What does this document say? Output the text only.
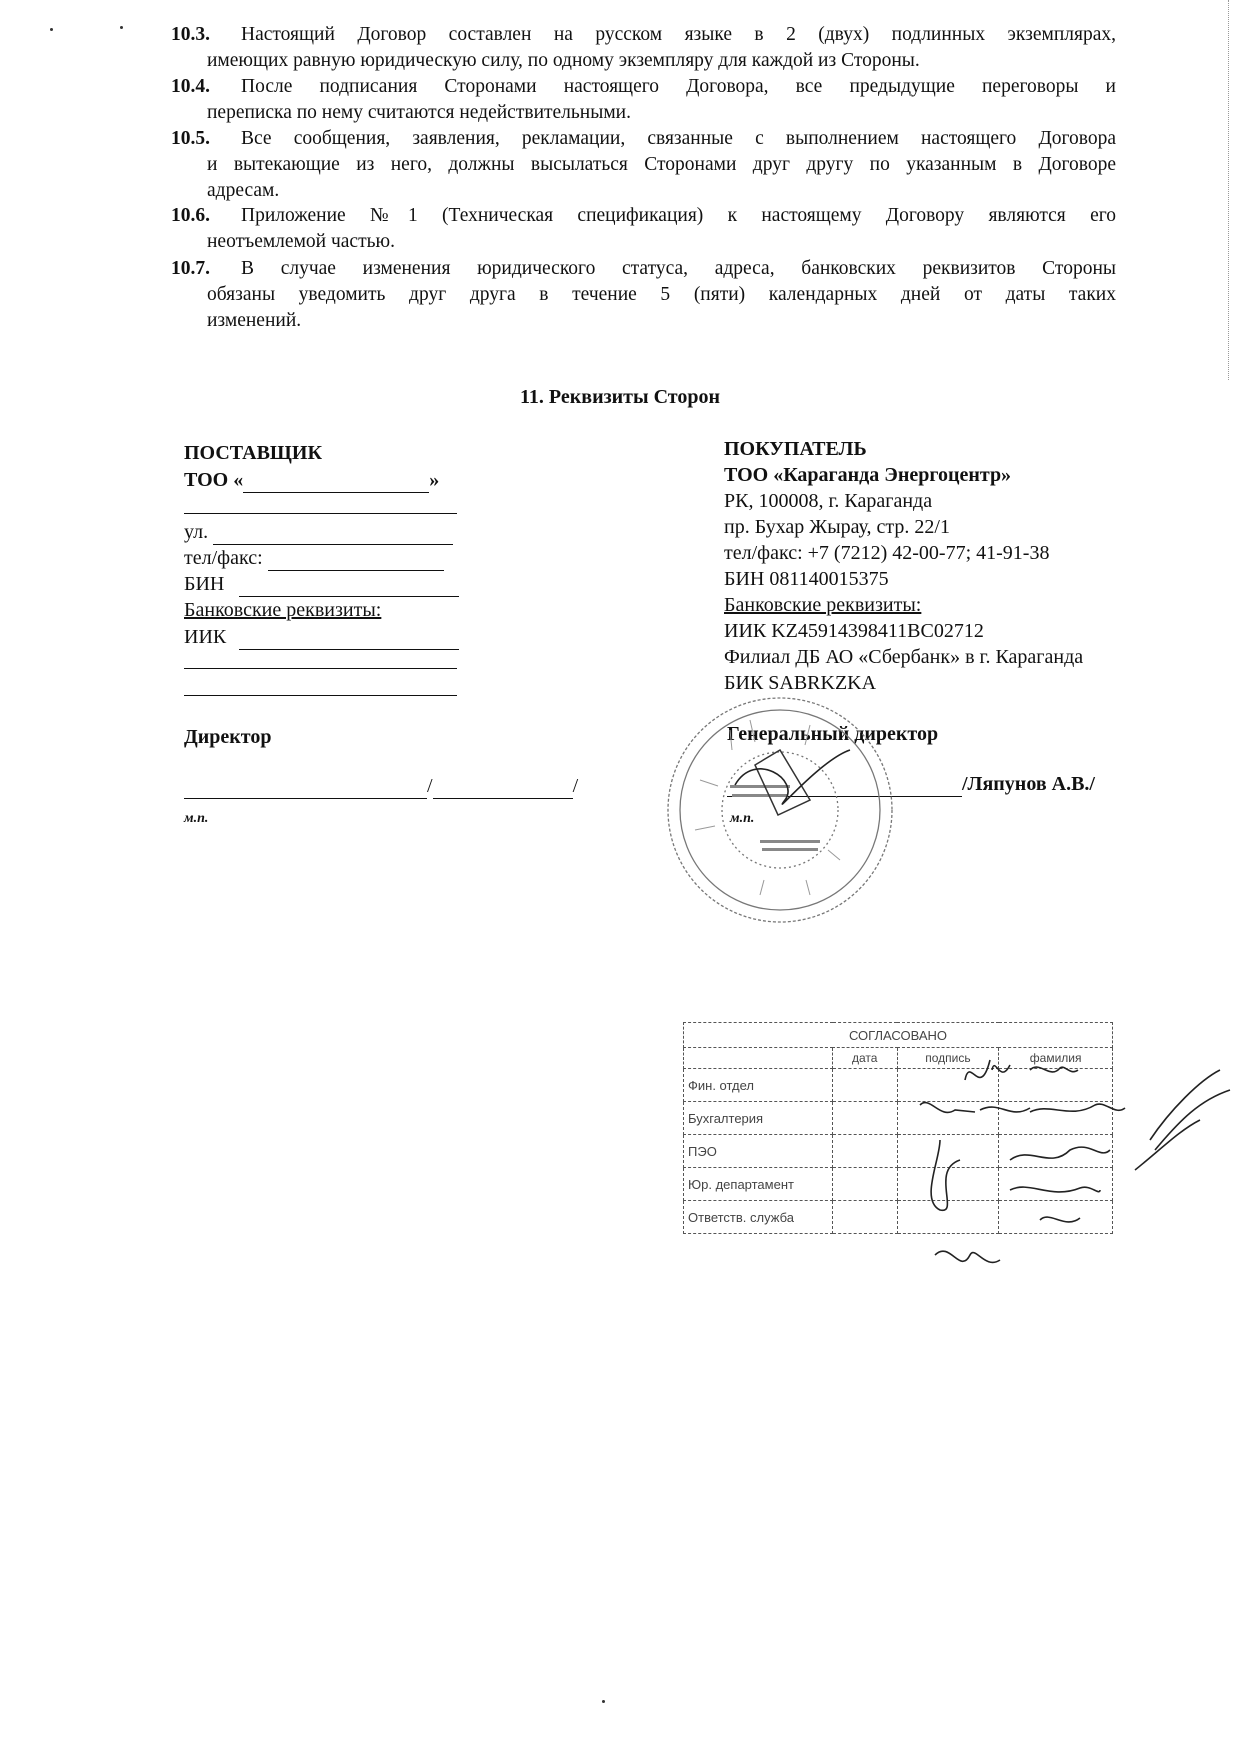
10.3. Настоящий Договор составлен на русском языке в 2 (двух) подлинных экземплярах,
имеющих равную юридическую силу, по одному экземпляру для каждой из Стороны.
10.4. После подписания Сторонами настоящего Договора, все предыдущие переговоры и
переписка по нему считаются недействительными.
10.5. Все сообщения, заявления, рекламации, связанные с выполнением настоящего Договора
и вытекающие из него, должны высылаться Сторонами друг другу по указанным в Договоре
адресам.
10.6. Приложение №1 (Техническая спецификация) к настоящему Договору являются его
неотъемлемой частью.
10.7. В случае изменения юридического статуса, адреса, банковских реквизитов Стороны
обязаны уведомить друг друга в течение 5 (пяти) календарных дней от даты таких
изменений.
11. Реквизиты Сторон
ПОСТАВЩИК
ТОО «	»
ул.
тел/факс:
БИН
Банковские реквизиты:
ИИК
Директор
/	/
м.п.
ПОКУПАТЕЛЬ
ТОО «Караганда Энергоцентр»
РК, 100008, г. Караганда
пр. Бухар Жырау, стр. 22/1
тел/факс: +7 (7212) 42-00-77; 41-91-38
БИН 081140015375
Банковские реквизиты:
ИИК KZ45914398411BC02712
Филиал ДБ АО «Сбербанк» в г. Караганда
БИК SABRKZKA
Генеральный директор
/Ляпунов А.В./
м.п.
СОГЛАСОВАНО			
	дата	подпись	фамилия
Фин. отдел			
Бухгалтерия			
ПЭО			
Юр. департамент			
Ответств. служба			
